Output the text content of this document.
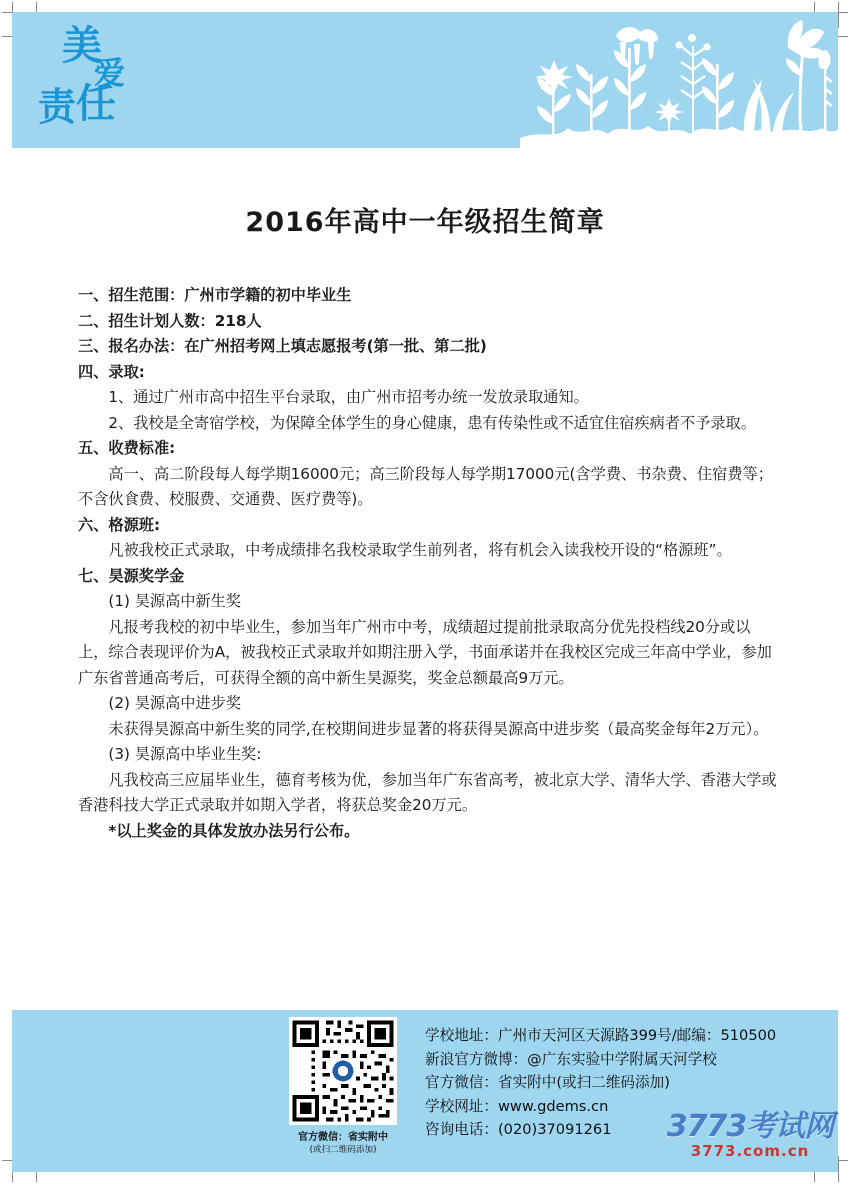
美
爱
责 任
2016年高中一年级招生简章

一、招生范围：广州市学籍的初中毕业生

二、招生计划人数：218人

三、报名办法：在广州招考网上填志愿报考(第一批、第二批)

四、录取:

1、通过广州市高中招生平台录取，由广州市招考办统一发放录取通知。

2、我校是全寄宿学校，为保障全体学生的身心健康，患有传染性或不适宜住宿疾病者不予录取。

五、收费标准:

高一、高二阶段每人每学期16000元；高三阶段每人每学期17000元(含学费、书杂费、住宿费等；不含伙食费、校服费、交通费、医疗费等)。

六、格源班:

凡被我校正式录取，中考成绩排名我校录取学生前列者，将有机会入读我校开设的“格源班”。

七、昊源奖学金

(1) 昊源高中新生奖

凡报考我校的初中毕业生，参加当年广州市中考，成绩超过提前批录取高分优先投档线20分或以上，综合表现评价为A，被我校正式录取并如期注册入学，书面承诺并在我校区完成三年高中学业，参加广东省普通高考后，可获得全额的高中新生昊源奖，奖金总额最高9万元。

(2) 昊源高中进步奖

未获得昊源高中新生奖的同学,在校期间进步显著的将获得昊源高中进步奖（最高奖金每年2万元）。

(3) 昊源高中毕业生奖:

凡我校高三应届毕业生，德育考核为优，参加当年广东省高考，被北京大学、清华大学、香港大学或香港科技大学正式录取并如期入学者，将获总奖金20万元。

*以上奖金的具体发放办法另行公布。

官方微信：省实附中
(或扫二维码添加)

学校地址：广州市天河区天源路399号/邮编：510500

新浪官方微博：@广东实验中学附属天河学校

官方微信：省实附中(或扫二维码添加)

学校网址：www.gdems.cn

咨询电话：(020)37091261	3773考试网
3773.com.cn
